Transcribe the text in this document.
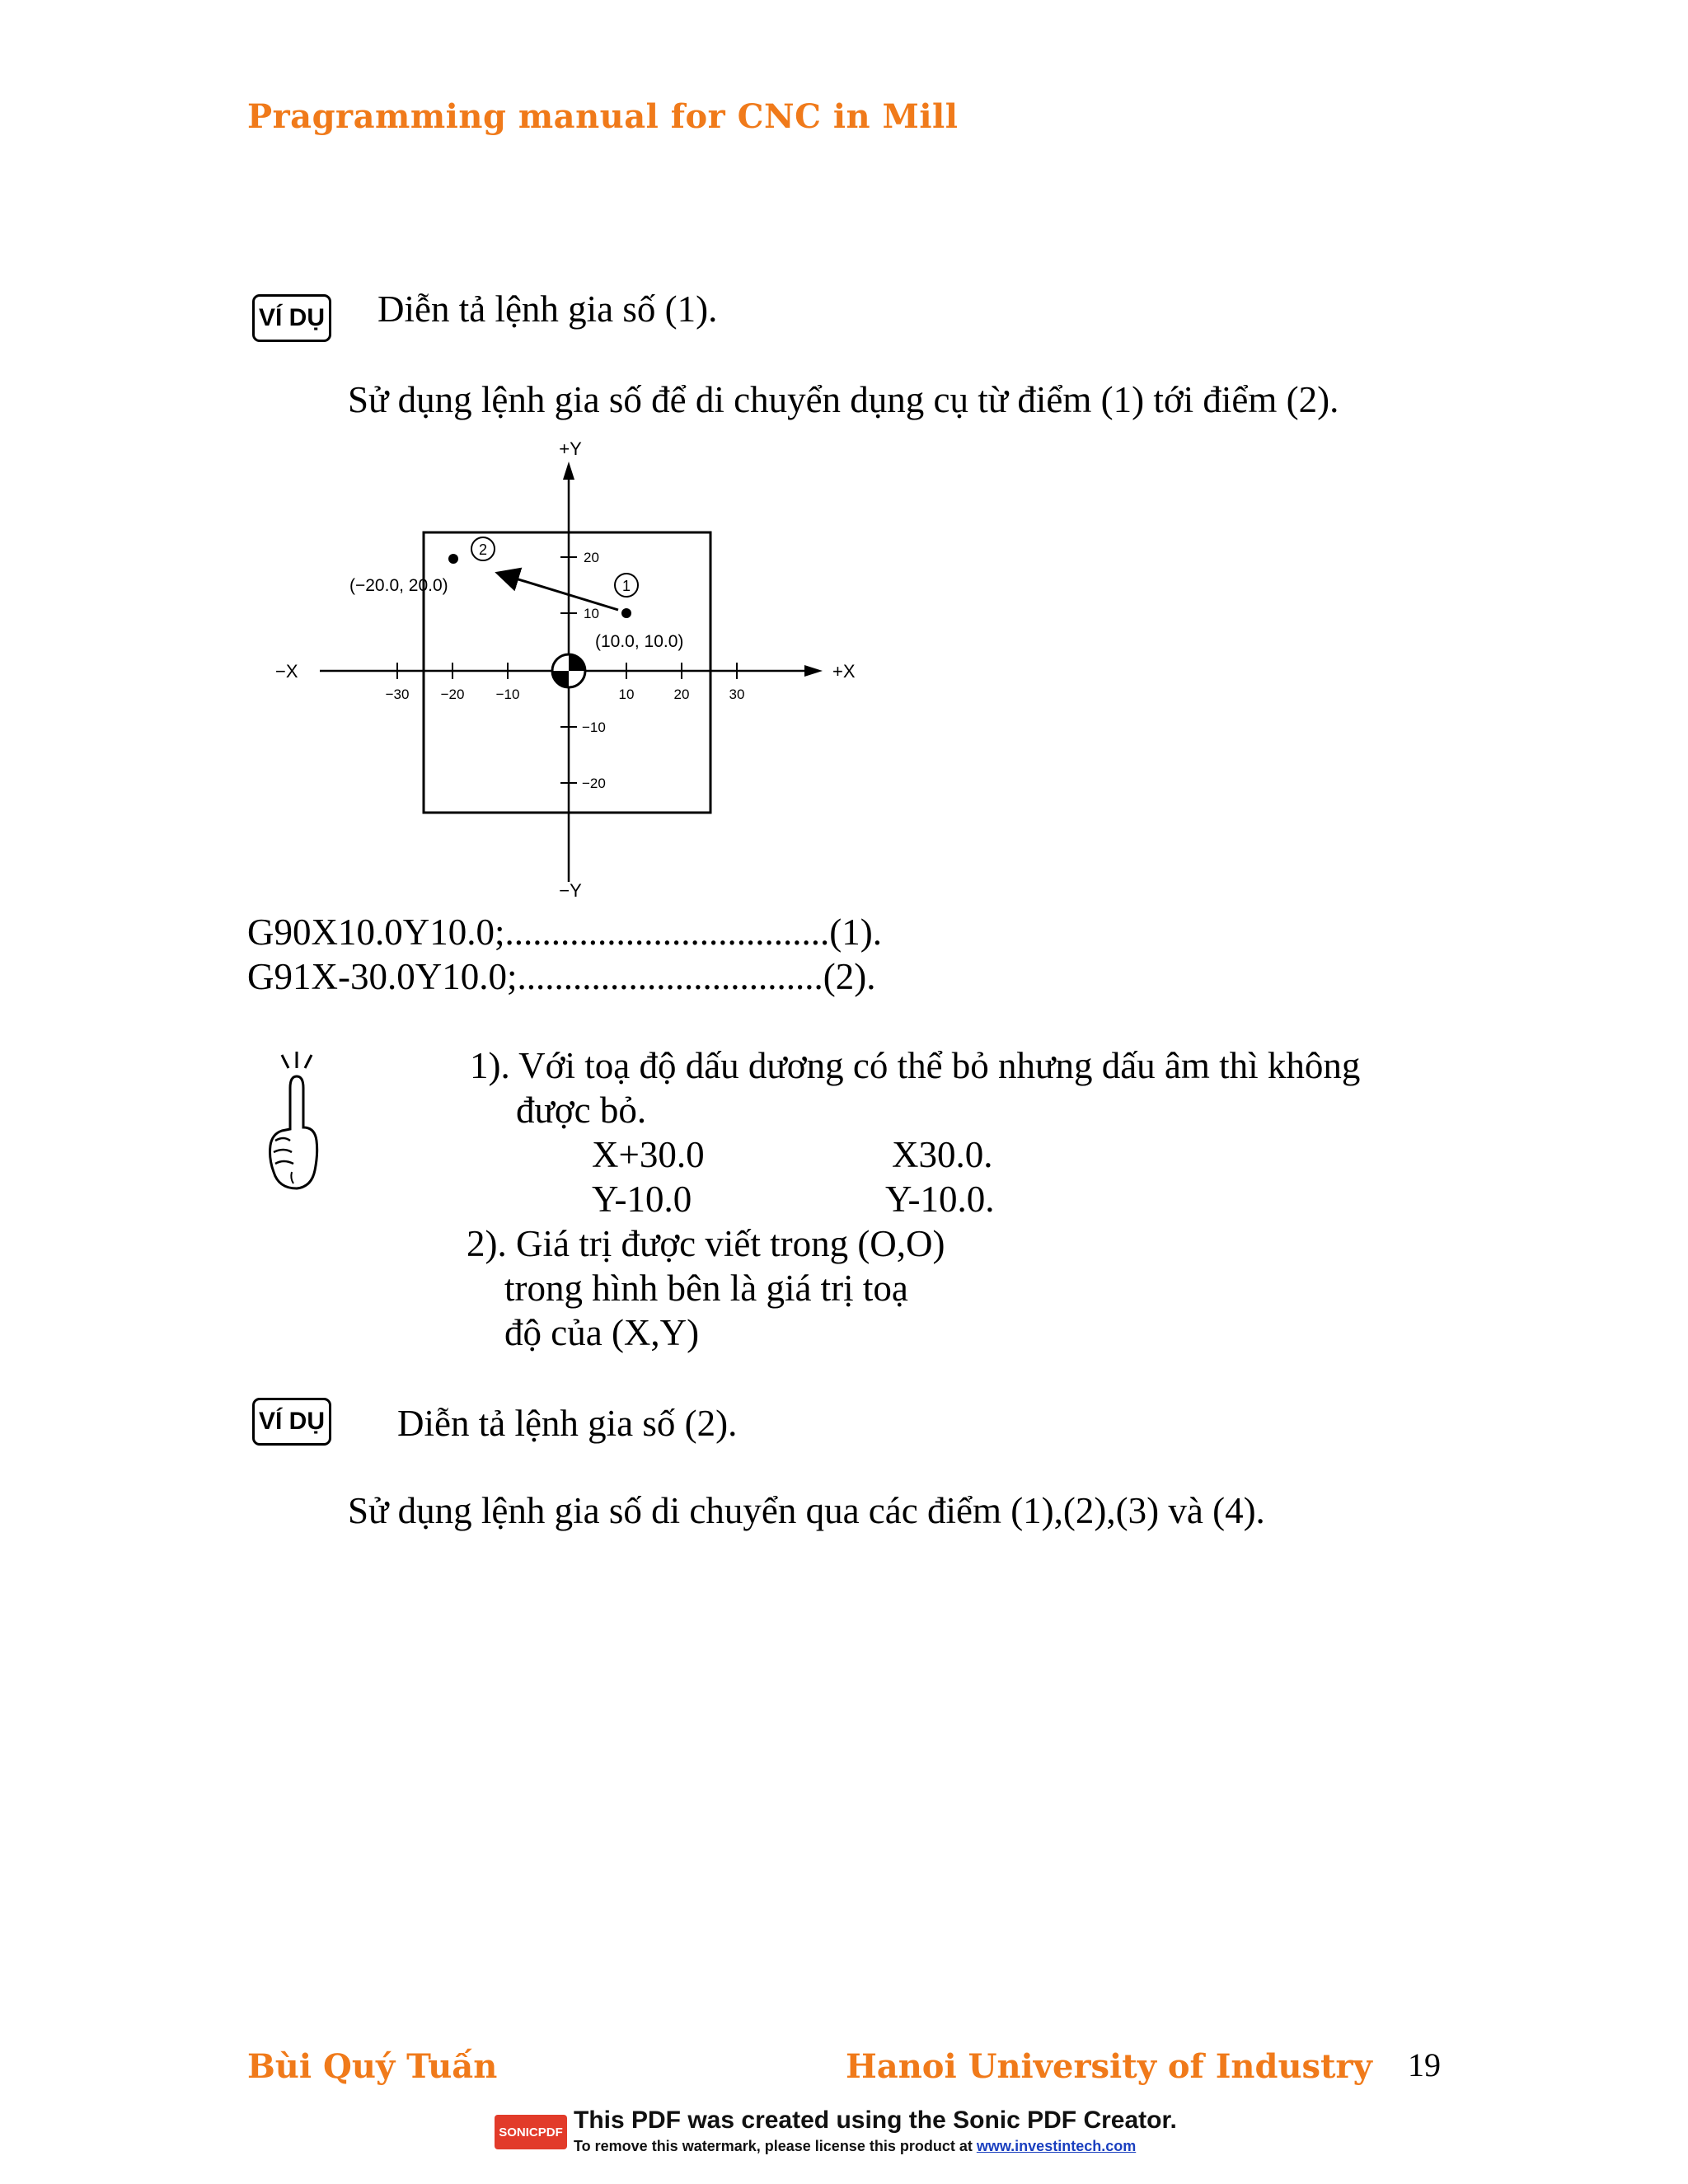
Pragramming manual for CNC in Mill
VÍ DỤ Diễn tả lệnh gia số (1).
Sử dụng lệnh gia số để di chuyển dụng cụ từ điểm (1) tới điểm (2).
+Y
−Y
+X
−X
−30 −20 −10	10	20	30
20
10
−10
−20
1
(10.0, 10.0)
2
(−20.0, 20.0)
G90X10.0Y10.0;...................................(1).
G91X-30.0Y10.0;.................................(2).
1). Với toạ độ dấu dương có thể bỏ nhưng dấu âm thì không
được bỏ.
X+30.0	X30.0.
Y-10.0	Y-10.0.
2). Giá trị được viết trong (O,O)
trong hình bên là giá trị toạ
độ của (X,Y)
VÍ DỤ Diễn tả lệnh gia số (2).
Sử dụng lệnh gia số di chuyển qua các điểm (1),(2),(3) và (4).
Bùi Quý Tuấn	Hanoi University of Industry 19
SONICPDF This PDF was created using the Sonic PDF Creator.
To remove this watermark, please license this product at www.investintech.com
